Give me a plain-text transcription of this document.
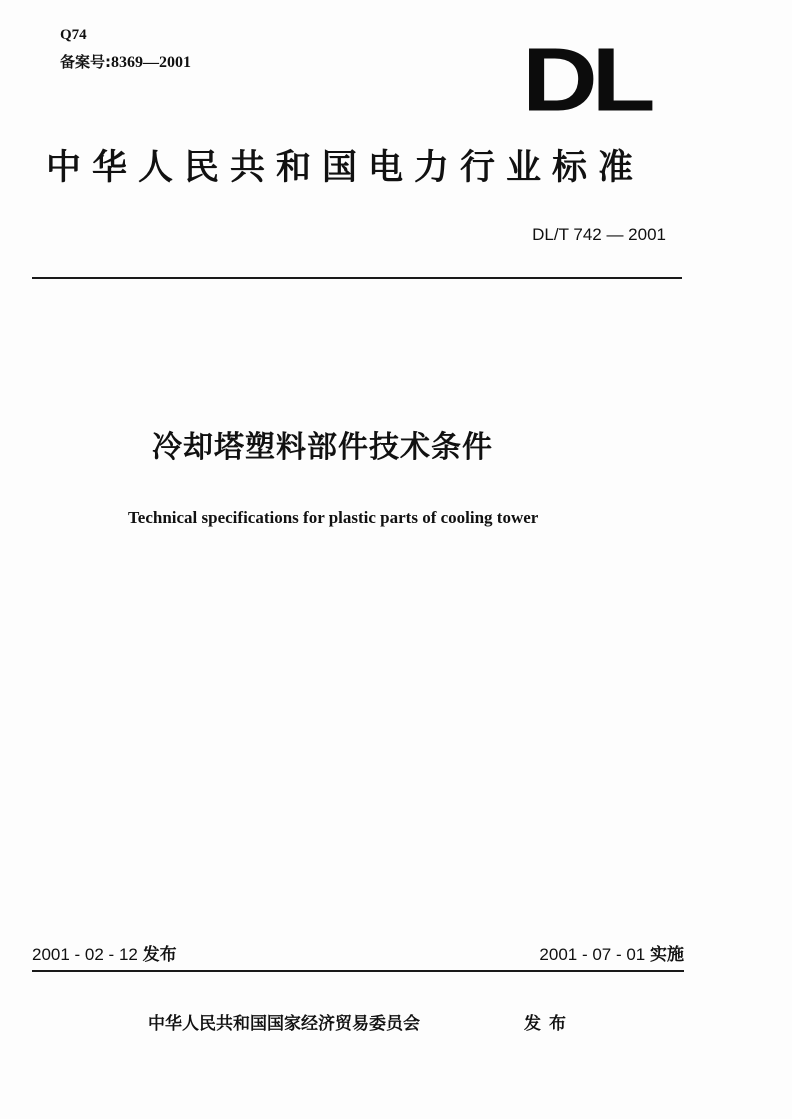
Q74
备案号:8369—2001	DL
中华人民共和国电力行业标准
DL/T 742 — 2001
冷却塔塑料部件技术条件
Technical specifications for plastic parts of cooling tower
2001 - 02 - 12 发布	2001 - 07 - 01 实施
中华人民共和国国家经济贸易委员会	发布
